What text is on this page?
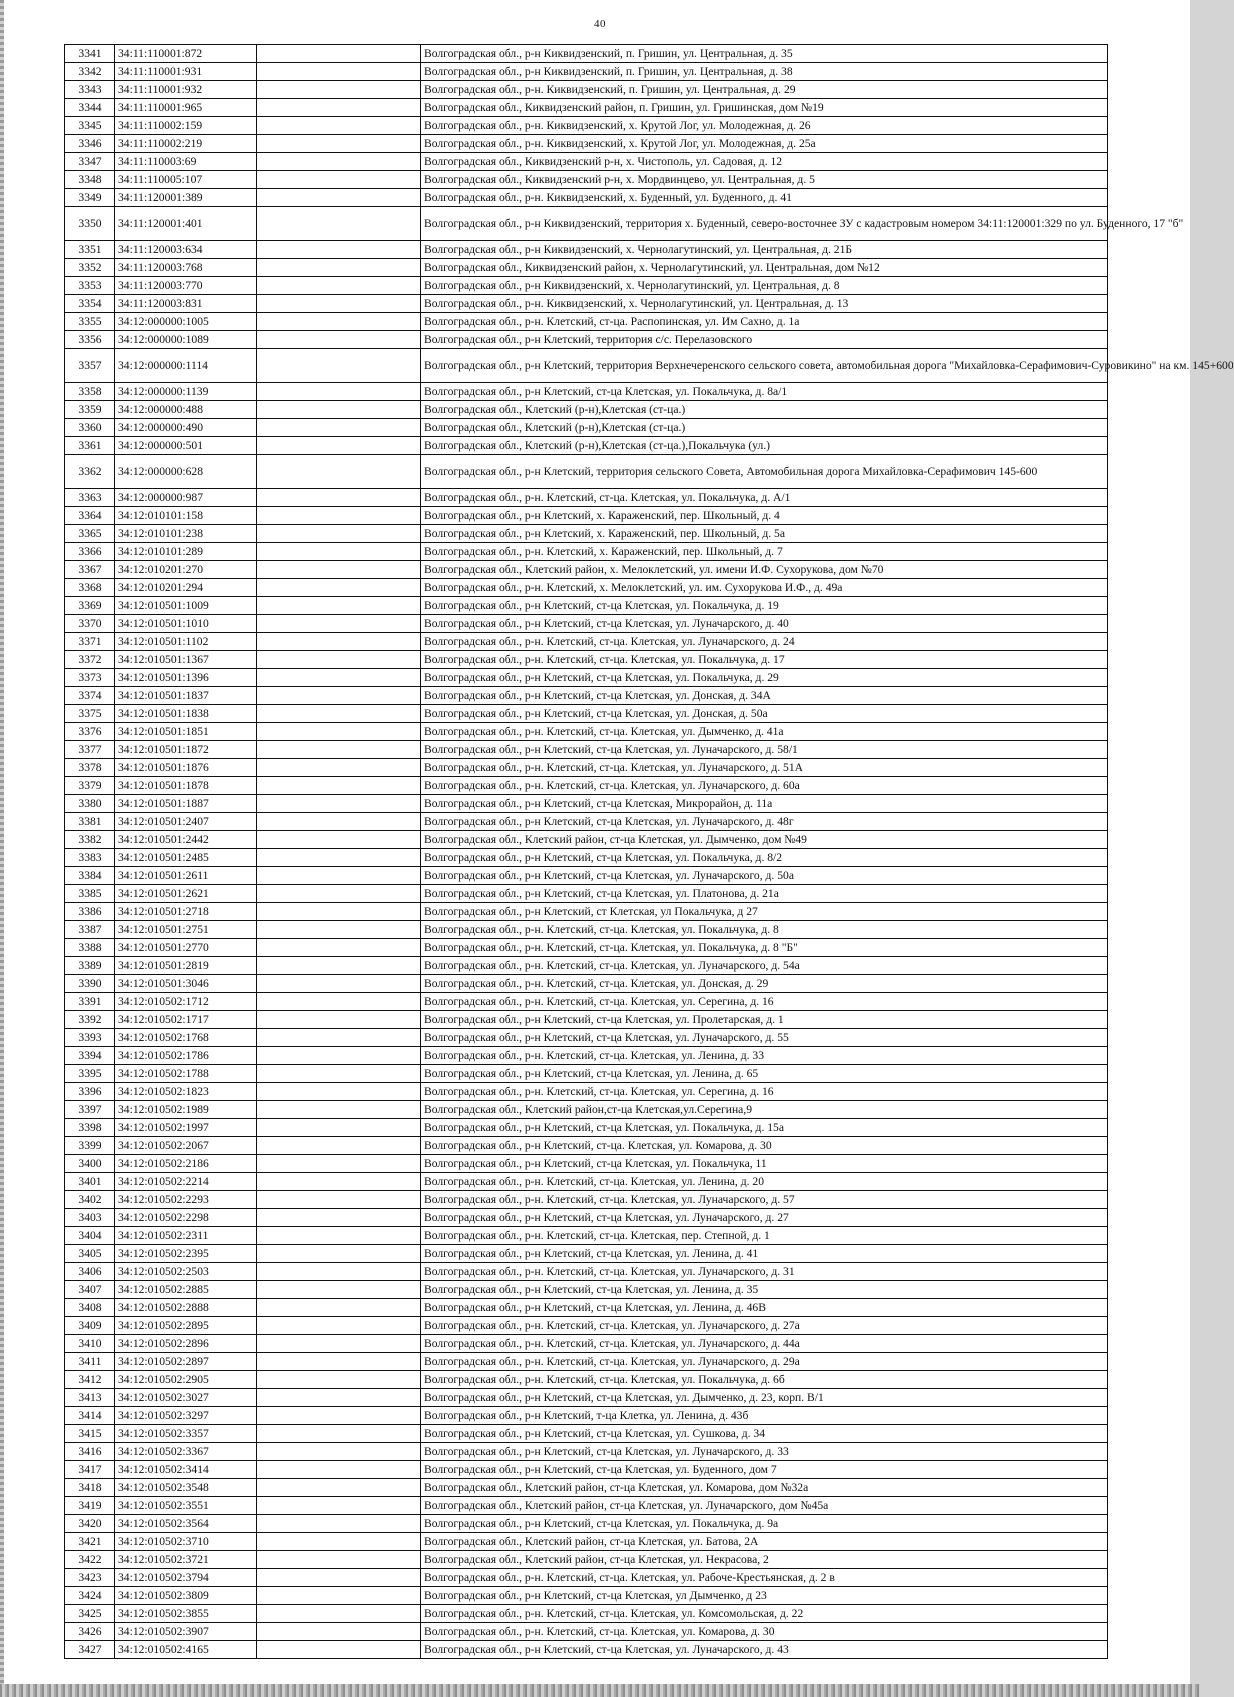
40
3341	34:11:110001:872		Волгоградская обл., р-н Киквидзенский, п. Гришин, ул. Центральная, д. 35
3342	34:11:110001:931		Волгоградская обл., р-н Киквидзенский, п. Гришин, ул. Центральная, д. 38
3343	34:11:110001:932		Волгоградская обл., р-н. Киквидзенский, п. Гришин, ул. Центральная, д. 29
3344	34:11:110001:965		Волгоградская обл., Киквидзенский район, п. Гришин, ул. Гришинская, дом №19
3345	34:11:110002:159		Волгоградская обл., р-н. Киквидзенский, х. Крутой Лог, ул. Молодежная, д. 26
3346	34:11:110002:219		Волгоградская обл., р-н. Киквидзенский, х. Крутой Лог, ул. Молодежная, д. 25а
3347	34:11:110003:69		Волгоградская обл., Киквидзенский р-н, х. Чистополь, ул. Садовая, д. 12
3348	34:11:110005:107		Волгоградская обл., Киквидзенский р-н, х. Мордвинцево, ул. Центральная, д. 5
3349	34:11:120001:389		Волгоградская обл., р-н. Киквидзенский, х. Буденный, ул. Буденного, д. 41
3350	34:11:120001:401		Волгоградская обл., р-н Киквидзенский, территория х. Буденный, северо-восточнее ЗУ с кадастровым номером 34:11:120001:329 по ул. Буденного, 17 "б"
3351	34:11:120003:634		Волгоградская обл., р-н Киквидзенский, х. Чернолагутинский, ул. Центральная, д. 21Б
3352	34:11:120003:768		Волгоградская обл., Киквидзенский район, х. Чернолагутинский, ул. Центральная, дом №12
3353	34:11:120003:770		Волгоградская обл., р-н Киквидзенский, х. Чернолагутинский, ул. Центральная, д. 8
3354	34:11:120003:831		Волгоградская обл., р-н. Киквидзенский, х. Чернолагутинский, ул. Центральная, д. 13
3355	34:12:000000:1005		Волгоградская обл., р-н. Клетский, ст-ца. Распопинская, ул. Им Сахно, д. 1а
3356	34:12:000000:1089		Волгоградская обл., р-н Клетский, территория с/с. Перелазовского
3357	34:12:000000:1114		Волгоградская обл., р-н Клетский, территория Верхнечеренского сельского совета, автомобильная дорога "Михайловка-Серафимович-Суровикино" на км. 145+600
3358	34:12:000000:1139		Волгоградская обл., р-н Клетский, ст-ца Клетская, ул. Покальчука, д. 8а/1
3359	34:12:000000:488		Волгоградская обл., Клетский (р-н),Клетская (ст-ца.)
3360	34:12:000000:490		Волгоградская обл., Клетский (р-н),Клетская (ст-ца.)
3361	34:12:000000:501		Волгоградская обл., Клетский (р-н),Клетская (ст-ца.),Покальчука (ул.)
3362	34:12:000000:628		Волгоградская обл., р-н Клетский, территория сельского Совета, Автомобильная дорога Михайловка-Серафимович 145-600
3363	34:12:000000:987		Волгоградская обл., р-н. Клетский, ст-ца. Клетская, ул. Покальчука, д. А/1
3364	34:12:010101:158		Волгоградская обл., р-н Клетский, х. Караженский, пер. Школьный, д. 4
3365	34:12:010101:238		Волгоградская обл., р-н Клетский, х. Караженский, пер. Школьный, д. 5а
3366	34:12:010101:289		Волгоградская обл., р-н. Клетский, х. Караженский, пер. Школьный, д. 7
3367	34:12:010201:270		Волгоградская обл., Клетский район, х. Мелоклетский, ул. имени И.Ф. Сухорукова, дом №70
3368	34:12:010201:294		Волгоградская обл., р-н. Клетский, х. Мелоклетский, ул. им. Сухорукова И.Ф., д. 49а
3369	34:12:010501:1009		Волгоградская обл., р-н Клетский, ст-ца Клетская, ул. Покальчука, д. 19
3370	34:12:010501:1010		Волгоградская обл., р-н Клетский, ст-ца Клетская, ул. Луначарского, д. 40
3371	34:12:010501:1102		Волгоградская обл., р-н. Клетский, ст-ца. Клетская, ул. Луначарского, д. 24
3372	34:12:010501:1367		Волгоградская обл., р-н. Клетский, ст-ца. Клетская, ул. Покальчука, д. 17
3373	34:12:010501:1396		Волгоградская обл., р-н Клетский, ст-ца Клетская, ул. Покальчука, д. 29
3374	34:12:010501:1837		Волгоградская обл., р-н Клетский, ст-ца Клетская, ул. Донская, д. 34А
3375	34:12:010501:1838		Волгоградская обл., р-н Клетский, ст-ца Клетская, ул. Донская, д. 50а
3376	34:12:010501:1851		Волгоградская обл., р-н. Клетский, ст-ца. Клетская, ул. Дымченко, д. 41а
3377	34:12:010501:1872		Волгоградская обл., р-н Клетский, ст-ца Клетская, ул. Луначарского, д. 58/1
3378	34:12:010501:1876		Волгоградская обл., р-н. Клетский, ст-ца. Клетская, ул. Луначарского, д. 51А
3379	34:12:010501:1878		Волгоградская обл., р-н. Клетский, ст-ца. Клетская, ул. Луначарского, д. 60а
3380	34:12:010501:1887		Волгоградская обл., р-н Клетский, ст-ца Клетская, Микрорайон, д. 11а
3381	34:12:010501:2407		Волгоградская обл., р-н Клетский, ст-ца Клетская, ул. Луначарского, д. 48г
3382	34:12:010501:2442		Волгоградская обл., Клетский район, ст-ца Клетская, ул. Дымченко, дом №49
3383	34:12:010501:2485		Волгоградская обл., р-н Клетский, ст-ца Клетская, ул. Покальчука, д. 8/2
3384	34:12:010501:2611		Волгоградская обл., р-н Клетский, ст-ца Клетская, ул. Луначарского, д. 50а
3385	34:12:010501:2621		Волгоградская обл., р-н Клетский, ст-ца Клетская, ул. Платонова, д. 21а
3386	34:12:010501:2718		Волгоградская обл., р-н Клетский, ст Клетская, ул Покальчука, д 27
3387	34:12:010501:2751		Волгоградская обл., р-н. Клетский, ст-ца. Клетская, ул. Покальчука, д. 8
3388	34:12:010501:2770		Волгоградская обл., р-н. Клетский, ст-ца. Клетская, ул. Покальчука, д. 8 "Б"
3389	34:12:010501:2819		Волгоградская обл., р-н. Клетский, ст-ца. Клетская, ул. Луначарского, д. 54а
3390	34:12:010501:3046		Волгоградская обл., р-н. Клетский, ст-ца. Клетская, ул. Донская, д. 29
3391	34:12:010502:1712		Волгоградская обл., р-н. Клетский, ст-ца. Клетская, ул. Серегина, д. 16
3392	34:12:010502:1717		Волгоградская обл., р-н Клетский, ст-ца Клетская, ул. Пролетарская, д. 1
3393	34:12:010502:1768		Волгоградская обл., р-н Клетский, ст-ца Клетская, ул. Луначарского, д. 55
3394	34:12:010502:1786		Волгоградская обл., р-н. Клетский, ст-ца. Клетская, ул. Ленина, д. 33
3395	34:12:010502:1788		Волгоградская обл., р-н Клетский, ст-ца Клетская, ул. Ленина, д. 65
3396	34:12:010502:1823		Волгоградская обл., р-н. Клетский, ст-ца. Клетская, ул. Серегина, д. 16
3397	34:12:010502:1989		Волгоградская обл., Клетский район,ст-ца Клетская,ул.Серегина,9
3398	34:12:010502:1997		Волгоградская обл., р-н Клетский, ст-ца Клетская, ул. Покальчука, д. 15а
3399	34:12:010502:2067		Волгоградская обл., р-н Клетский, ст-ца. Клетская, ул. Комарова, д. 30
3400	34:12:010502:2186		Волгоградская обл., р-н Клетский, ст-ца Клетская, ул. Покальчука, 11
3401	34:12:010502:2214		Волгоградская обл., р-н. Клетский, ст-ца. Клетская, ул. Ленина, д. 20
3402	34:12:010502:2293		Волгоградская обл., р-н. Клетский, ст-ца. Клетская, ул. Луначарского, д. 57
3403	34:12:010502:2298		Волгоградская обл., р-н Клетский, ст-ца Клетская, ул. Луначарского, д. 27
3404	34:12:010502:2311		Волгоградская обл., р-н. Клетский, ст-ца. Клетская, пер. Степной, д. 1
3405	34:12:010502:2395		Волгоградская обл., р-н Клетский, ст-ца Клетская, ул. Ленина, д. 41
3406	34:12:010502:2503		Волгоградская обл., р-н. Клетский, ст-ца. Клетская, ул. Луначарского, д. 31
3407	34:12:010502:2885		Волгоградская обл., р-н Клетский, ст-ца Клетская, ул. Ленина, д. 35
3408	34:12:010502:2888		Волгоградская обл., р-н Клетский, ст-ца Клетская, ул. Ленина, д. 46В
3409	34:12:010502:2895		Волгоградская обл., р-н. Клетский, ст-ца. Клетская, ул. Луначарского, д. 27а
3410	34:12:010502:2896		Волгоградская обл., р-н. Клетский, ст-ца. Клетская, ул. Луначарского, д. 44а
3411	34:12:010502:2897		Волгоградская обл., р-н. Клетский, ст-ца. Клетская, ул. Луначарского, д. 29а
3412	34:12:010502:2905		Волгоградская обл., р-н. Клетский, ст-ца. Клетская, ул. Покальчука, д. 6б
3413	34:12:010502:3027		Волгоградская обл., р-н Клетский, ст-ца Клетская, ул. Дымченко, д. 23, корп. В/1
3414	34:12:010502:3297		Волгоградская обл., р-н Клетский, т-ца Клетка, ул. Ленина, д. 43б
3415	34:12:010502:3357		Волгоградская обл., р-н Клетский, ст-ца Клетская, ул. Сушкова, д. 34
3416	34:12:010502:3367		Волгоградская обл., р-н Клетский, ст-ца Клетская, ул. Луначарского, д. 33
3417	34:12:010502:3414		Волгоградская обл., р-н Клетский, ст-ца Клетская, ул. Буденного, дом 7
3418	34:12:010502:3548		Волгоградская обл., Клетский район, ст-ца Клетская, ул. Комарова, дом №32а
3419	34:12:010502:3551		Волгоградская обл., Клетский район, ст-ца Клетская, ул. Луначарского, дом №45а
3420	34:12:010502:3564		Волгоградская обл., р-н Клетский, ст-ца Клетская, ул. Покальчука, д. 9а
3421	34:12:010502:3710		Волгоградская обл., Клетский район, ст-ца Клетская, ул. Батова, 2А
3422	34:12:010502:3721		Волгоградская обл., Клетский район, ст-ца Клетская, ул. Некрасова, 2
3423	34:12:010502:3794		Волгоградская обл., р-н. Клетский, ст-ца. Клетская, ул. Рабоче-Крестьянская, д. 2 в
3424	34:12:010502:3809		Волгоградская обл., р-н Клетский, ст-ца Клетская, ул Дымченко, д 23
3425	34:12:010502:3855		Волгоградская обл., р-н. Клетский, ст-ца. Клетская, ул. Комсомольская, д. 22
3426	34:12:010502:3907		Волгоградская обл., р-н. Клетский, ст-ца. Клетская, ул. Комарова, д. 30
3427	34:12:010502:4165		Волгоградская обл., р-н Клетский, ст-ца Клетская, ул. Луначарского, д. 43
